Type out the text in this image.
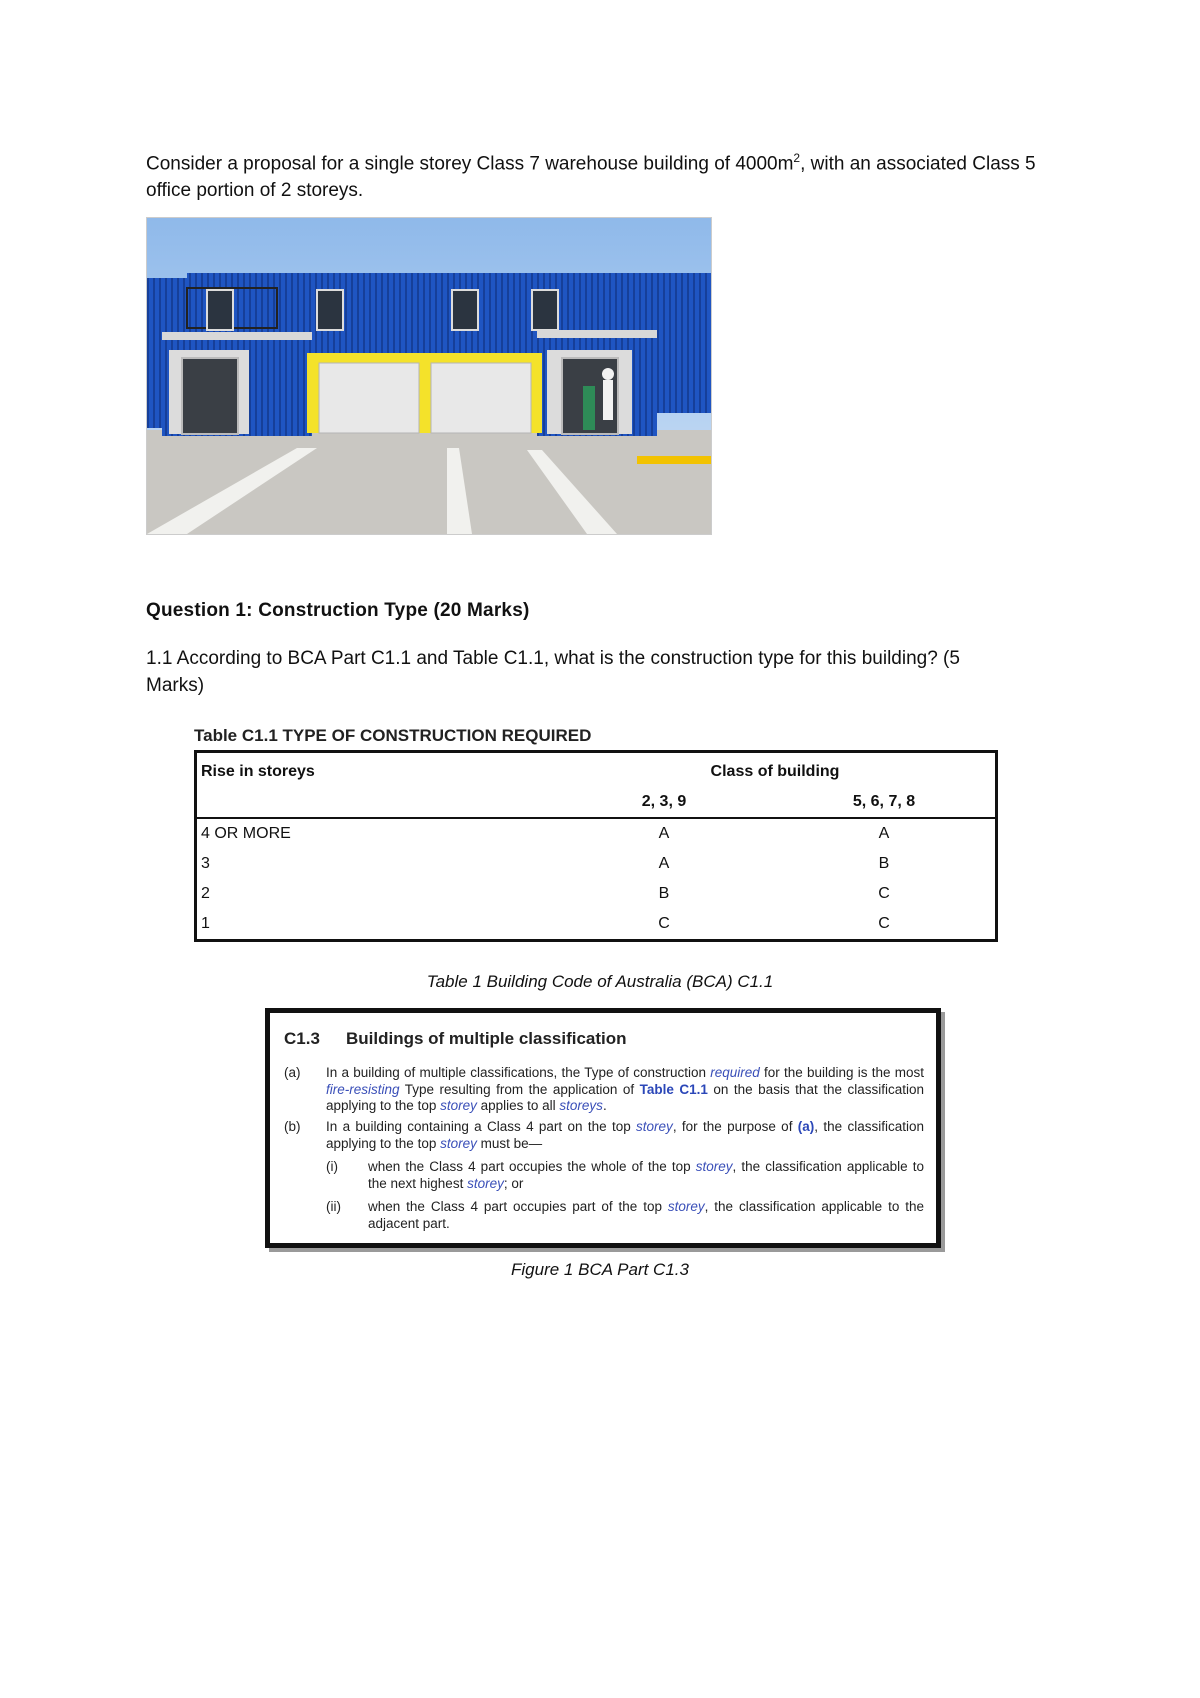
Consider a proposal for a single storey Class 7 warehouse building of $4000m^2$, with an associated Class 5 office portion of 2 storeys.
Question 1: Construction Type (20 Marks)
1.1 According to BCA Part C1.1 and Table C1.1, what is the construction type for this building? (5 Marks)
Table C1.1 TYPE OF CONSTRUCTION REQUIRED
Rise in storeys	Class of building	
	2, 3, 9	5, 6, 7, 8
4 OR MORE	A	A
3	A	B
2	B	C
1	C	C
Table 1 Building Code of Australia (BCA) C1.1
C1.3 Buildings of multiple classification
(a) In a building of multiple classifications, the Type of construction required for the building is the most fire-resisting Type resulting from the application of Table C1.1 on the basis that the classification applying to the top storey applies to all storeys.
(b) In a building containing a Class 4 part on the top storey, for the purpose of (a), the classification applying to the top storey must be—
(i) when the Class 4 part occupies the whole of the top storey, the classification applicable to the next highest storey; or
(ii) when the Class 4 part occupies part of the top storey, the classification applicable to the adjacent part.
Figure 1 BCA Part C1.3
